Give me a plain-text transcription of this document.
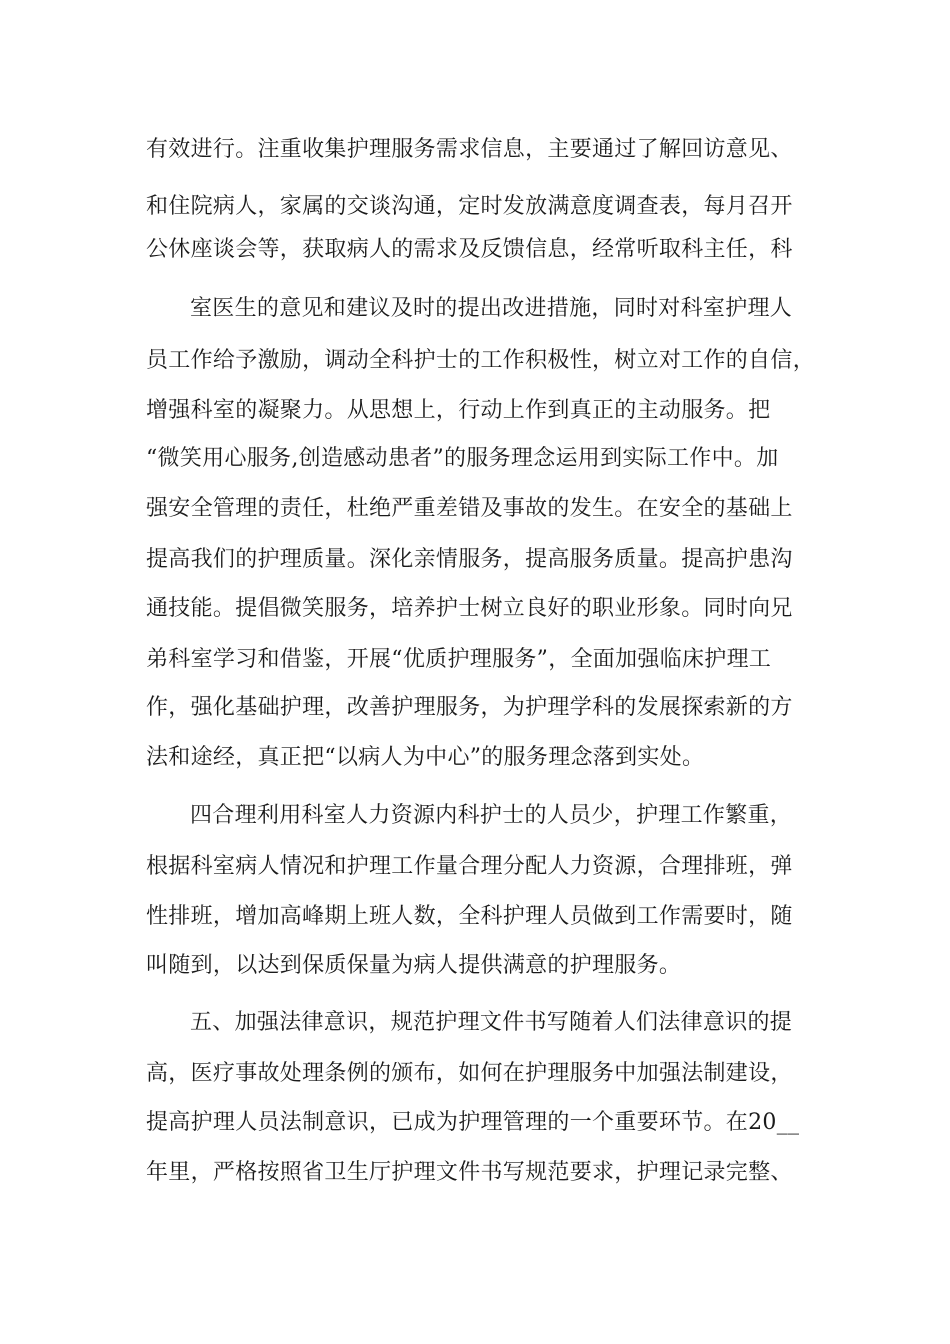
有效进行。注重收集护理服务需求信息，主要通过了解回访意见、
和住院病人，家属的交谈沟通，定时发放满意度调查表，每月召开
公休座谈会等，获取病人的需求及反馈信息，经常听取科主任，科
室医生的意见和建议及时的提出改进措施，同时对科室护理人
员工作给予激励，调动全科护士的工作积极性，树立对工作的自信，
增强科室的凝聚力。从思想上，行动上作到真正的主动服务。把
“微笑用心服务,创造感动患者”的服务理念运用到实际工作中。加
强安全管理的责任，杜绝严重差错及事故的发生。在安全的基础上
提高我们的护理质量。深化亲情服务，提高服务质量。提高护患沟
通技能。提倡微笑服务，培养护士树立良好的职业形象。同时向兄
弟科室学习和借鉴，开展“优质护理服务”，全面加强临床护理工
作，强化基础护理，改善护理服务，为护理学科的发展探索新的方
法和途经，真正把“以病人为中心”的服务理念落到实处。
四合理利用科室人力资源内科护士的人员少，护理工作繁重，
根据科室病人情况和护理工作量合理分配人力资源，合理排班，弹
性排班，增加高峰期上班人数，全科护理人员做到工作需要时，随
叫随到，以达到保质保量为病人提供满意的护理服务。
五、加强法律意识，规范护理文件书写随着人们法律意识的提
高，医疗事故处理条例的颁布，如何在护理服务中加强法制建设，
提高护理人员法制意识，已成为护理管理的一个重要环节。在20__
年里，严格按照省卫生厅护理文件书写规范要求，护理记录完整、
